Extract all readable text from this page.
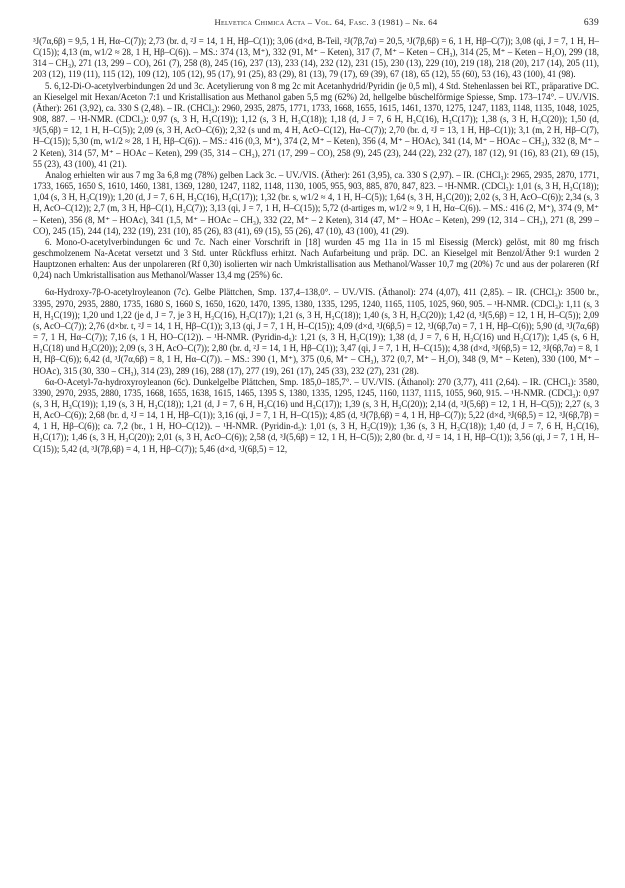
Helvetica Chimica Acta – Vol. 64, Fasc. 3 (1981) – Nr. 64	639

³J(7α,6β) = 9,5, 1 H, Hα–C(7)); 2,73 (br. d, ²J = 14, 1 H, Hβ–C(1)); 3,06 (d×d, B-Teil, ²J(7β,7α) = 20,5, ³J(7β,6β) = 6, 1 H, Hβ–C(7)); 3,08 (qi, J = 7, 1 H, H–C(15)); 4,13 (m, w1/2 ≈ 28, 1 H, Hβ–C(6)). – MS.: 374 (13, M⁺), 332 (91, M⁺ – Keten), 317 (7, M⁺ – Keten – CH₃), 314 (25, M⁺ – Keten – H₂O), 299 (18, 314 – CH₃), 271 (13, 299 – CO), 261 (7), 258 (8), 245 (16), 237 (13), 233 (14), 232 (12), 231 (15), 230 (13), 229 (10), 219 (18), 218 (20), 217 (14), 205 (11), 203 (12), 119 (11), 115 (12), 109 (12), 105 (12), 95 (17), 91 (25), 83 (29), 81 (13), 79 (17), 69 (39), 67 (18), 65 (12), 55 (60), 53 (16), 43 (100), 41 (98).

5. 6,12-Di-O-acetylverbindungen 2d und 3c. Acetylierung von 8 mg 2c mit Acetanhydrid/Pyridin (je 0,5 ml), 4 Std. Stehenlassen bei RT., präparative DC. an Kieselgel mit Hexan/Aceton 7:1 und Kristallisation aus Methanol gaben 5,5 mg (62%) 2d, hellgelbe büschelförmige Spiesse, Smp. 173–174°. – UV./VIS. (Äther): 261 (3,92), ca. 330 S (2,48). – IR. (CHCl₃): 2960, 2935, 2875, 1771, 1733, 1668, 1655, 1615, 1461, 1370, 1275, 1247, 1183, 1148, 1135, 1048, 1025, 908, 887. – ¹H-NMR. (CDCl₃): 0,97 (s, 3 H, H₃C(19)); 1,12 (s, 3 H, H₃C(18)); 1,18 (d, J = 7, 6 H, H₃C(16), H₃C(17)); 1,38 (s, 3 H, H₃C(20)); 1,50 (d, ³J(5,6β) = 12, 1 H, H–C(5)); 2,09 (s, 3 H, AcO–C(6)); 2,32 (s und m, 4 H, AcO–C(12), Hα–C(7)); 2,70 (br. d, ²J = 13, 1 H, Hβ–C(1)); 3,1 (m, 2 H, Hβ–C(7), H–C(15)); 5,30 (m, w1/2 ≈ 28, 1 H, Hβ–C(6)). – MS.: 416 (0,3, M⁺), 374 (2, M⁺ – Keten), 356 (4, M⁺ – HOAc), 341 (14, M⁺ – HOAc – CH₃), 332 (8, M⁺ – 2 Keten), 314 (57, M⁺ – HOAc – Keten), 299 (35, 314 – CH₃), 271 (17, 299 – CO), 258 (9), 245 (23), 244 (22), 232 (27), 187 (12), 91 (16), 83 (21), 69 (15), 55 (23), 43 (100), 41 (21).

Analog erhielten wir aus 7 mg 3a 6,8 mg (78%) gelben Lack 3c. – UV./VIS. (Äther): 261 (3,95), ca. 330 S (2,97). – IR. (CHCl₃): 2965, 2935, 2870, 1771, 1733, 1665, 1650 S, 1610, 1460, 1381, 1369, 1280, 1247, 1182, 1148, 1130, 1005, 955, 903, 885, 870, 847, 823. – ¹H-NMR. (CDCl₃): 1,01 (s, 3 H, H₃C(18)); 1,04 (s, 3 H, H₃C(19)); 1,20 (d, J = 7, 6 H, H₃C(16), H₃C(17)); 1,32 (br. s, w1/2 ≈ 4, 1 H, H–C(5)); 1,64 (s, 3 H, H₃C(20)); 2,02 (s, 3 H, AcO–C(6)); 2,34 (s, 3 H, AcO–C(12)); 2,7 (m, 3 H, Hβ–C(1), H₂C(7)); 3,13 (qi, J = 7, 1 H, H–C(15)); 5,72 (d-artiges m, w1/2 ≈ 9, 1 H, Hα–C(6)). – MS.: 416 (2, M⁺), 374 (9, M⁺ – Keten), 356 (8, M⁺ – HOAc), 341 (1,5, M⁺ – HOAc – CH₃), 332 (22, M⁺ – 2 Keten), 314 (47, M⁺ – HOAc – Keten), 299 (12, 314 – CH₃), 271 (8, 299 – CO), 245 (15), 244 (14), 232 (19), 231 (10), 85 (26), 83 (41), 69 (15), 55 (26), 47 (10), 43 (100), 41 (29).

6. Mono-O-acetylverbindungen 6c und 7c. Nach einer Vorschrift in [18] wurden 45 mg 11a in 15 ml Eisessig (Merck) gelöst, mit 80 mg frisch geschmolzenem Na-Acetat versetzt und 3 Std. unter Rückfluss erhitzt. Nach Aufarbeitung und präp. DC. an Kieselgel mit Benzol/Äther 9:1 wurden 2 Hauptzonen erhalten: Aus der unpolareren (Rf 0,30) isolierten wir nach Umkristallisation aus Methanol/Wasser 10,7 mg (20%) 7c und aus der polareren (Rf 0,24) nach Umkristallisation aus Methanol/Wasser 13,4 mg (25%) 6c.

6α-Hydroxy-7β-O-acetylroyleanon (7c). Gelbe Plättchen, Smp. 137,4–138,0°. – UV./VIS. (Äthanol): 274 (4,07), 411 (2,85). – IR. (CHCl₃): 3500 br., 3395, 2970, 2935, 2880, 1735, 1680 S, 1660 S, 1650, 1620, 1470, 1395, 1380, 1335, 1295, 1240, 1165, 1105, 1025, 960, 905. – ¹H-NMR. (CDCl₃): 1,11 (s, 3 H, H₃C(19)); 1,20 und 1,22 (je d, J = 7, je 3 H, H₃C(16), H₃C(17)); 1,21 (s, 3 H, H₃C(18)); 1,40 (s, 3 H, H₃C(20)); 1,42 (d, ³J(5,6β) = 12, 1 H, H–C(5)); 2,09 (s, AcO–C(7)); 2,76 (d×br. t, ²J = 14, 1 H, Hβ–C(1)); 3,13 (qi, J = 7, 1 H, H–C(15)); 4,09 (d×d, ³J(6β,5) = 12, ³J(6β,7α) = 7, 1 H, Hβ–C(6)); 5,90 (d, ³J(7α,6β) = 7, 1 H, Hα–C(7)); 7,16 (s, 1 H, HO–C(12)). – ¹H-NMR. (Pyridin-d₅): 1,21 (s, 3 H, H₃C(19)); 1,38 (d, J = 7, 6 H, H₃C(16) und H₃C(17)); 1,45 (s, 6 H, H₃C(18) und H₃C(20)); 2,09 (s, 3 H, AcO–C(7)); 2,80 (br. d, ²J = 14, 1 H, Hβ–C(1)); 3,47 (qi, J = 7, 1 H, H–C(15)); 4,38 (d×d, ³J(6β,5) = 12, ³J(6β,7α) = 8, 1 H, Hβ–C(6)); 6,42 (d, ³J(7α,6β) = 8, 1 H, Hα–C(7)). – MS.: 390 (1, M⁺), 375 (0,6, M⁺ – CH₃), 372 (0,7, M⁺ – H₂O), 348 (9, M⁺ – Keten), 330 (100, M⁺ – HOAc), 315 (30, 330 – CH₃), 314 (23), 289 (16), 288 (17), 277 (19), 261 (17), 245 (33), 232 (27), 231 (28).

6α-O-Acetyl-7α-hydroxyroyleanon (6c). Dunkelgelbe Plättchen, Smp. 185,0–185,7°. – UV./VIS. (Äthanol): 270 (3,77), 411 (2,64). – IR. (CHCl₃): 3580, 3390, 2970, 2935, 2880, 1735, 1668, 1655, 1638, 1615, 1465, 1395 S, 1380, 1335, 1295, 1245, 1160, 1137, 1115, 1055, 960, 915. – ¹H-NMR. (CDCl₃): 0,97 (s, 3 H, H₃C(19)); 1,19 (s, 3 H, H₃C(18)); 1,21 (d, J = 7, 6 H, H₃C(16) und H₃C(17)); 1,39 (s, 3 H, H₃C(20)); 2,14 (d, ³J(5,6β) = 12, 1 H, H–C(5)); 2,27 (s, 3 H, AcO–C(6)); 2,68 (br. d, ²J = 14, 1 H, Hβ–C(1)); 3,16 (qi, J = 7, 1 H, H–C(15)); 4,85 (d, ³J(7β,6β) = 4, 1 H, Hβ–C(7)); 5,22 (d×d, ³J(6β,5) = 12, ³J(6β,7β) = 4, 1 H, Hβ–C(6)); ca. 7,2 (br., 1 H, HO–C(12)). – ¹H-NMR. (Pyridin-d₅): 1,01 (s, 3 H, H₃C(19)); 1,36 (s, 3 H, H₃C(18)); 1,40 (d, J = 7, 6 H, H₃C(16), H₃C(17)); 1,46 (s, 3 H, H₃C(20)); 2,01 (s, 3 H, AcO–C(6)); 2,58 (d, ³J(5,6β) = 12, 1 H, H–C(5)); 2,80 (br. d, ²J = 14, 1 H, Hβ–C(1)); 3,56 (qi, J = 7, 1 H, H–C(15)); 5,42 (d, ³J(7β,6β) = 4, 1 H, Hβ–C(7)); 5,46 (d×d, ³J(6β,5) = 12,
